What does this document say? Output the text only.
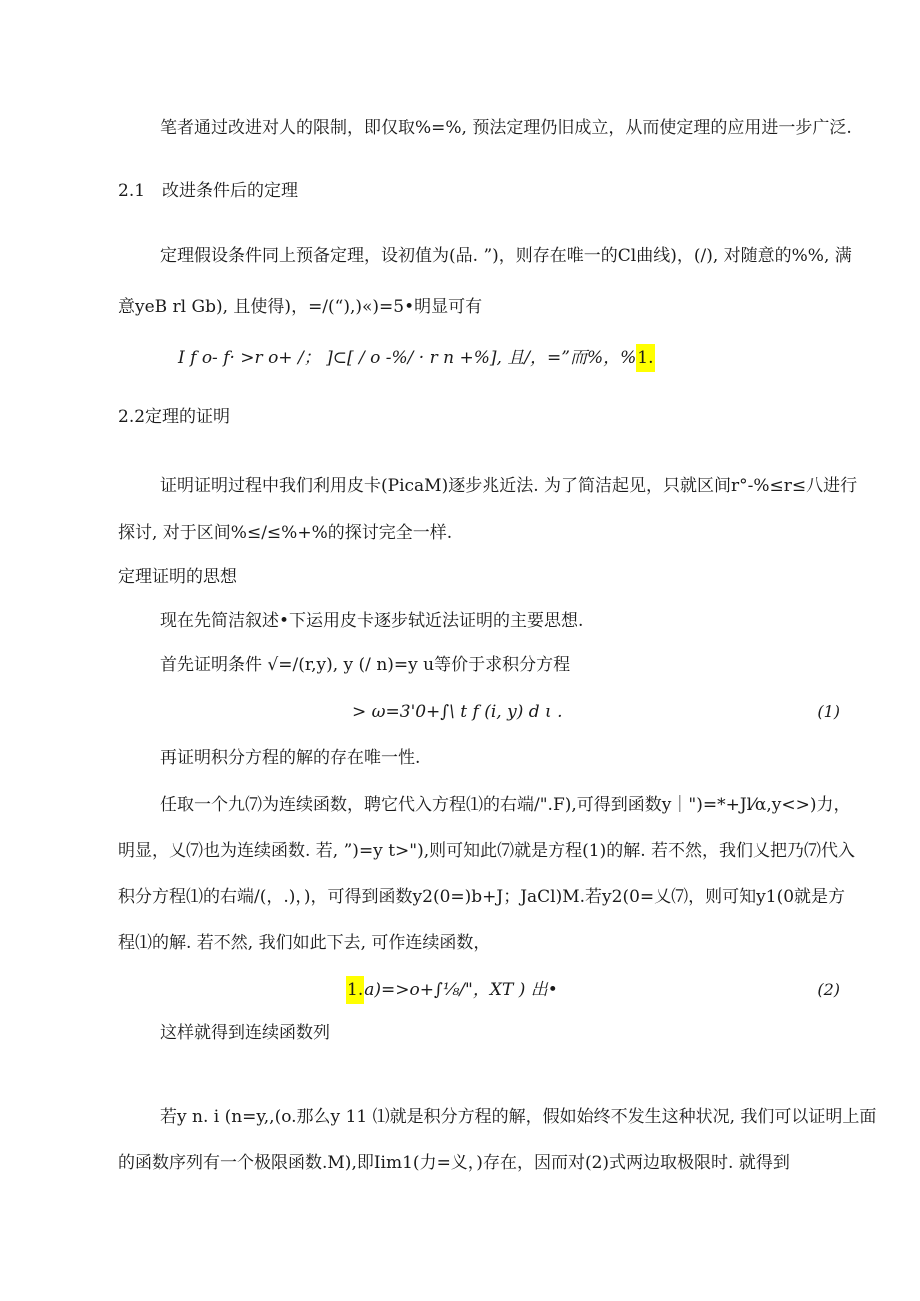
笔者通过改进对人的限制，即仅取%=%, 预法定理仍旧成立，从而使定理的应用进一步广泛.
2.1　改进条件后的定理
定理假设条件同上预备定理，设初值为(品. ”)，则存在唯一的Cl曲线)，(/), 对随意的%%, 满
意yeB rl Gb), 且使得)，=/(“),)«)=5•明显可有
I f o- f· >r o+ /； ]⊂[ / o -%/ · r n +%], 且/，=”而%，%1.
2.2定理的证明
证明证明过程中我们利用皮卡(PicaM)逐步兆近法. 为了简洁起见，只就区间r°-%≤r≤八进行
探讨, 对于区间%≤/≤%+%的探讨完全一样.
定理证明的思想
现在先简洁叙述•下运用皮卡逐步轼近法证明的主要思想.
首先证明条件 √=/(r,y), y (/ n)=y u等价于求积分方程
> ω=3'0+∫\ t f (i, y) d ι .	(1)
再证明积分方程的解的存在唯一性.
任取一个九⑺为连续函数，聘它代入方程⑴的右端/".F),可得到函数y｜")=*+Jl⁄α,y<>)力，
明显，乂⑺也为连续函数. 若, ”)=y t>"),则可知此⑺就是方程(1)的解. 若不然，我们乂把乃⑺代入
积分方程⑴的右端/(，.)，)，可得到函数y2(0=)b+J；JaCl)M.若y2(0=乂⑺，则可知y1(0就是方
程⑴的解. 若不然, 我们如此下去, 可作连续函数，
1.a)=>o+∫⅛/"，XT ) 出•	(2)
这样就得到连续函数列
若y n. i (n=y,,(o.那么y 11 ⑴就是积分方程的解，假如始终不发生这种状况, 我们可以证明上面
的函数序列有一个极限函数.M),即Iim1(力=义，)存在，因而对(2)式两边取极限时. 就得到
